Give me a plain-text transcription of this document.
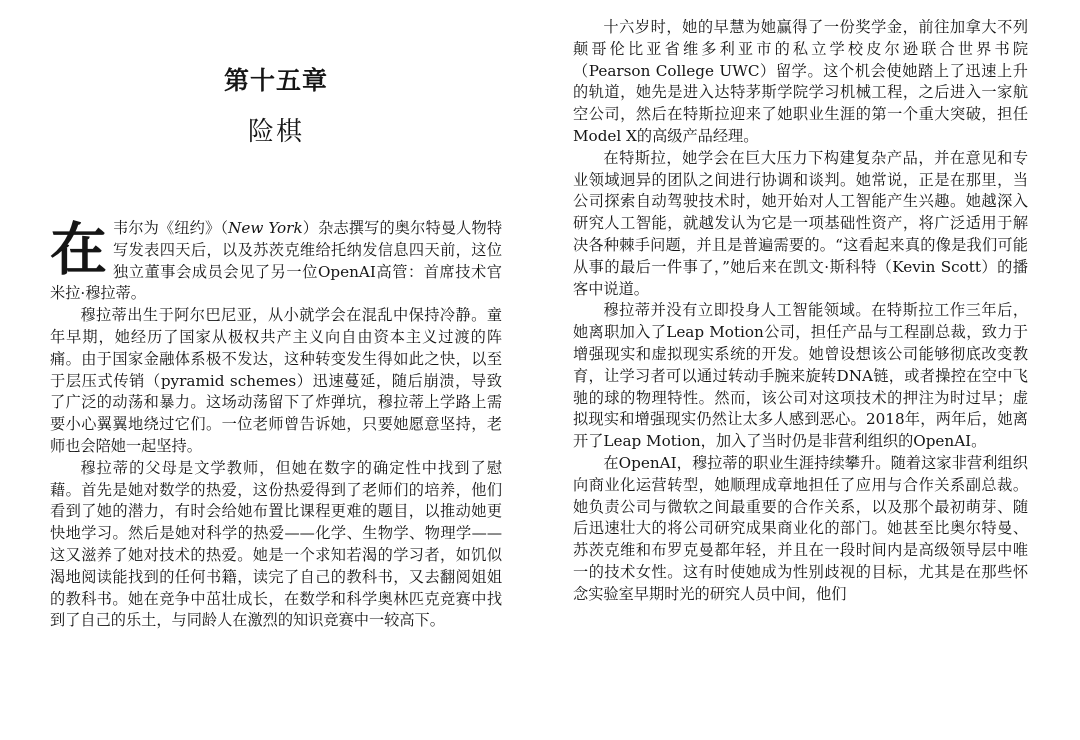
第十五章
险棋

在韦尔为《纽约》（New York）杂志撰写的奥尔特曼人物特写发表四天后，以及苏茨克维给托纳发信息四天前，这位独立董事会成员会见了另一位OpenAI高管：首席技术官米拉·穆拉蒂。

穆拉蒂出生于阿尔巴尼亚，从小就学会在混乱中保持冷静。童年早期，她经历了国家从极权共产主义向自由资本主义过渡的阵痛。由于国家金融体系极不发达，这种转变发生得如此之快，以至于层压式传销（pyramid schemes）迅速蔓延，随后崩溃，导致了广泛的动荡和暴力。这场动荡留下了炸弹坑，穆拉蒂上学路上需要小心翼翼地绕过它们。一位老师曾告诉她，只要她愿意坚持，老师也会陪她一起坚持。

穆拉蒂的父母是文学教师，但她在数字的确定性中找到了慰藉。首先是她对数学的热爱，这份热爱得到了老师们的培养，他们看到了她的潜力，有时会给她布置比课程更难的题目，以推动她更快地学习。然后是她对科学的热爱——化学、生物学、物理学——这又滋养了她对技术的热爱。她是一个求知若渴的学习者，如饥似渴地阅读能找到的任何书籍，读完了自己的教科书，又去翻阅姐姐的教科书。她在竞争中茁壮成长，在数学和科学奥林匹克竞赛中找到了自己的乐土，与同龄人在激烈的知识竞赛中一较高下。

十六岁时，她的早慧为她赢得了一份奖学金，前往加拿大不列颠哥伦比亚省维多利亚市的私立学校皮尔逊联合世界书院（Pearson College UWC）留学。这个机会使她踏上了迅速上升的轨道，她先是进入达特茅斯学院学习机械工程，之后进入一家航空公司，然后在特斯拉迎来了她职业生涯的第一个重大突破，担任Model X的高级产品经理。

在特斯拉，她学会在巨大压力下构建复杂产品，并在意见和专业领域迥异的团队之间进行协调和谈判。她常说，正是在那里，当公司探索自动驾驶技术时，她开始对人工智能产生兴趣。她越深入研究人工智能，就越发认为它是一项基础性资产，将广泛适用于解决各种棘手问题，并且是普遍需要的。“这看起来真的像是我们可能从事的最后一件事了，”她后来在凯文·斯科特（Kevin Scott）的播客中说道。

穆拉蒂并没有立即投身人工智能领域。在特斯拉工作三年后，她离职加入了Leap Motion公司，担任产品与工程副总裁，致力于增强现实和虚拟现实系统的开发。她曾设想该公司能够彻底改变教育，让学习者可以通过转动手腕来旋转DNA链，或者操控在空中飞驰的球的物理特性。然而，该公司对这项技术的押注为时过早；虚拟现实和增强现实仍然让太多人感到恶心。2018年，两年后，她离开了Leap Motion，加入了当时仍是非营利组织的OpenAI。

在OpenAI，穆拉蒂的职业生涯持续攀升。随着这家非营利组织向商业化运营转型，她顺理成章地担任了应用与合作关系副总裁。她负责公司与微软之间最重要的合作关系，以及那个最初萌芽、随后迅速壮大的将公司研究成果商业化的部门。她甚至比奥尔特曼、苏茨克维和布罗克曼都年轻，并且在一段时间内是高级领导层中唯一的技术女性。这有时使她成为性别歧视的目标，尤其是在那些怀念实验室早期时光的研究人员中间，他们
